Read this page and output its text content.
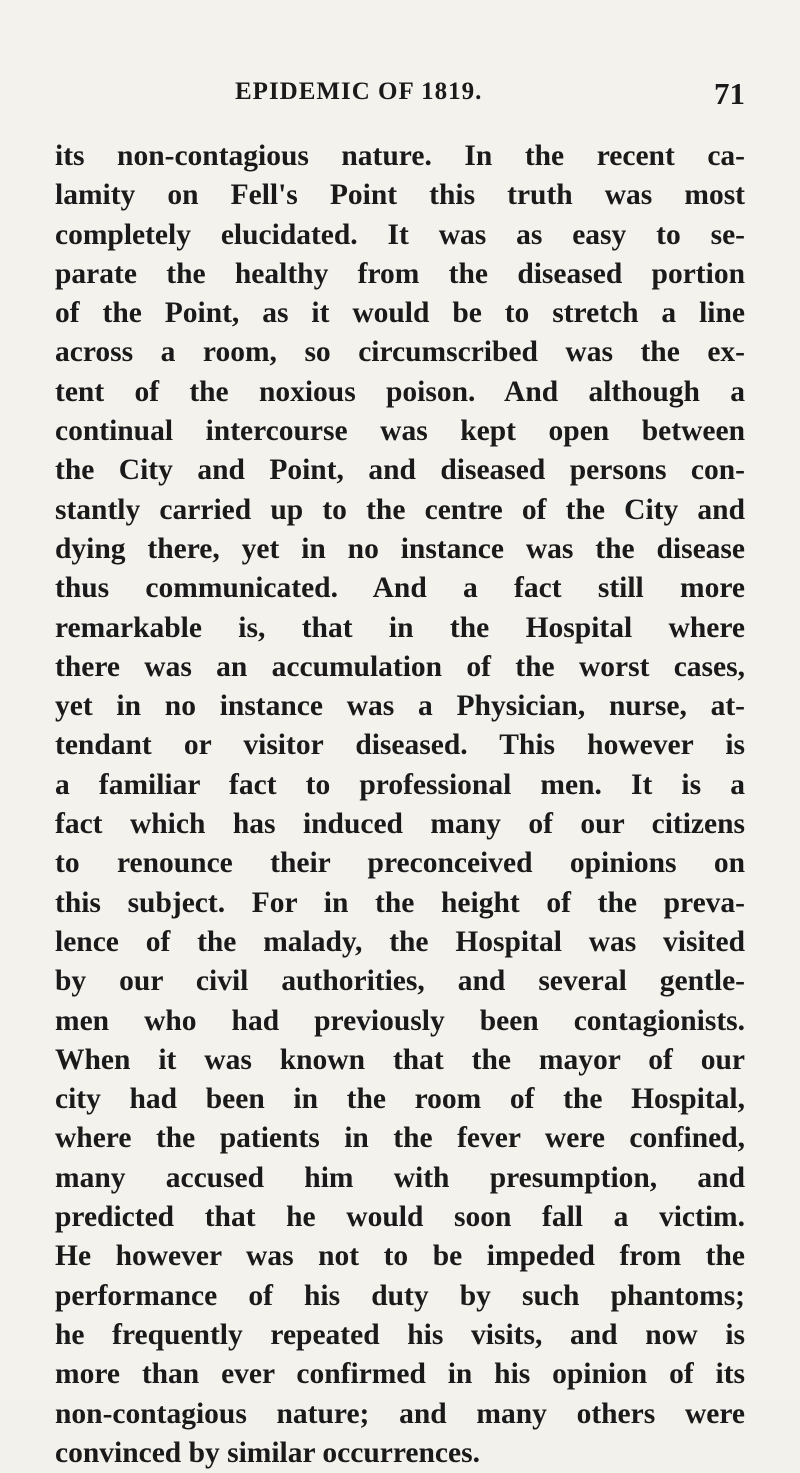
EPIDEMIC OF 1819.	71
its non-contagious nature. In the recent ca-
lamity on Fell's Point this truth was most
completely elucidated. It was as easy to se-
parate the healthy from the diseased portion
of the Point, as it would be to stretch a line
across a room, so circumscribed was the ex-
tent of the noxious poison. And although a
continual intercourse was kept open between
the City and Point, and diseased persons con-
stantly carried up to the centre of the City and
dying there, yet in no instance was the disease
thus communicated. And a fact still more
remarkable is, that in the Hospital where
there was an accumulation of the worst cases,
yet in no instance was a Physician, nurse, at-
tendant or visitor diseased. This however is
a familiar fact to professional men. It is a
fact which has induced many of our citizens
to renounce their preconceived opinions on
this subject. For in the height of the preva-
lence of the malady, the Hospital was visited
by our civil authorities, and several gentle-
men who had previously been contagionists.
When it was known that the mayor of our
city had been in the room of the Hospital,
where the patients in the fever were confined,
many accused him with presumption, and
predicted that he would soon fall a victim.
He however was not to be impeded from the
performance of his duty by such phantoms;
he frequently repeated his visits, and now is
more than ever confirmed in his opinion of its
non-contagious nature; and many others were
convinced by similar occurrences.
